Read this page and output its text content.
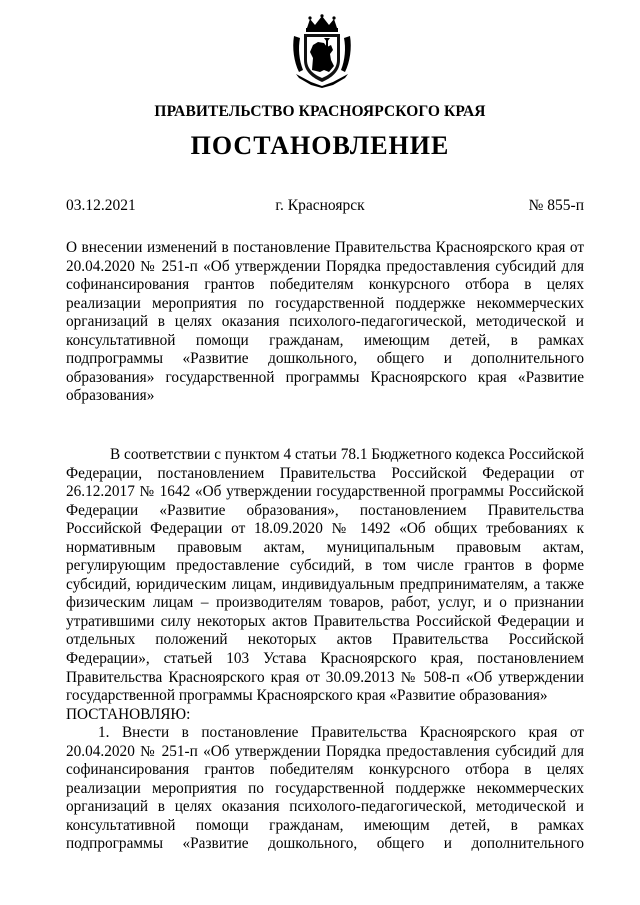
ПРАВИТЕЛЬСТВО КРАСНОЯРСКОГО КРАЯ
ПОСТАНОВЛЕНИЕ
03.12.2021	г. Красноярск	№ 855-п
О внесении изменений в постановление Правительства Красноярского края от 20.04.2020 № 251-п «Об утверждении Порядка предоставления субсидий для софинансирования грантов победителям конкурсного отбора в целях реализации мероприятия по государственной поддержке некоммерческих организаций в целях оказания психолого-педагогической, методической и консультативной помощи гражданам, имеющим детей, в рамках подпрограммы «Развитие дошкольного, общего и дополнительного образования» государственной программы Красноярского края «Развитие образования»

В соответствии с пунктом 4 статьи 78.1 Бюджетного кодекса Российской Федерации, постановлением Правительства Российской Федерации от 26.12.2017 № 1642 «Об утверждении государственной программы Российской Федерации «Развитие образования», постановлением Правительства Российской Федерации от 18.09.2020 № 1492 «Об общих требованиях к нормативным правовым актам, муниципальным правовым актам, регулирующим предоставление субсидий, в том числе грантов в форме субсидий, юридическим лицам, индивидуальным предпринимателям, а также физическим лицам – производителям товаров, работ, услуг, и о признании утратившими силу некоторых актов Правительства Российской Федерации и отдельных положений некоторых актов Правительства Российской Федерации», статьей 103 Устава Красноярского края, постановлением Правительства Красноярского края от 30.09.2013 № 508-п «Об утверждении государственной программы Красноярского края «Развитие образования»

ПОСТАНОВЛЯЮ:

1. Внести в постановление Правительства Красноярского края от 20.04.2020 № 251-п «Об утверждении Порядка предоставления субсидий для софинансирования грантов победителям конкурсного отбора в целях реализации мероприятия по государственной поддержке некоммерческих организаций в целях оказания психолого-педагогической, методической и консультативной помощи гражданам, имеющим детей, в рамках подпрограммы «Развитие дошкольного, общего и дополнительного
